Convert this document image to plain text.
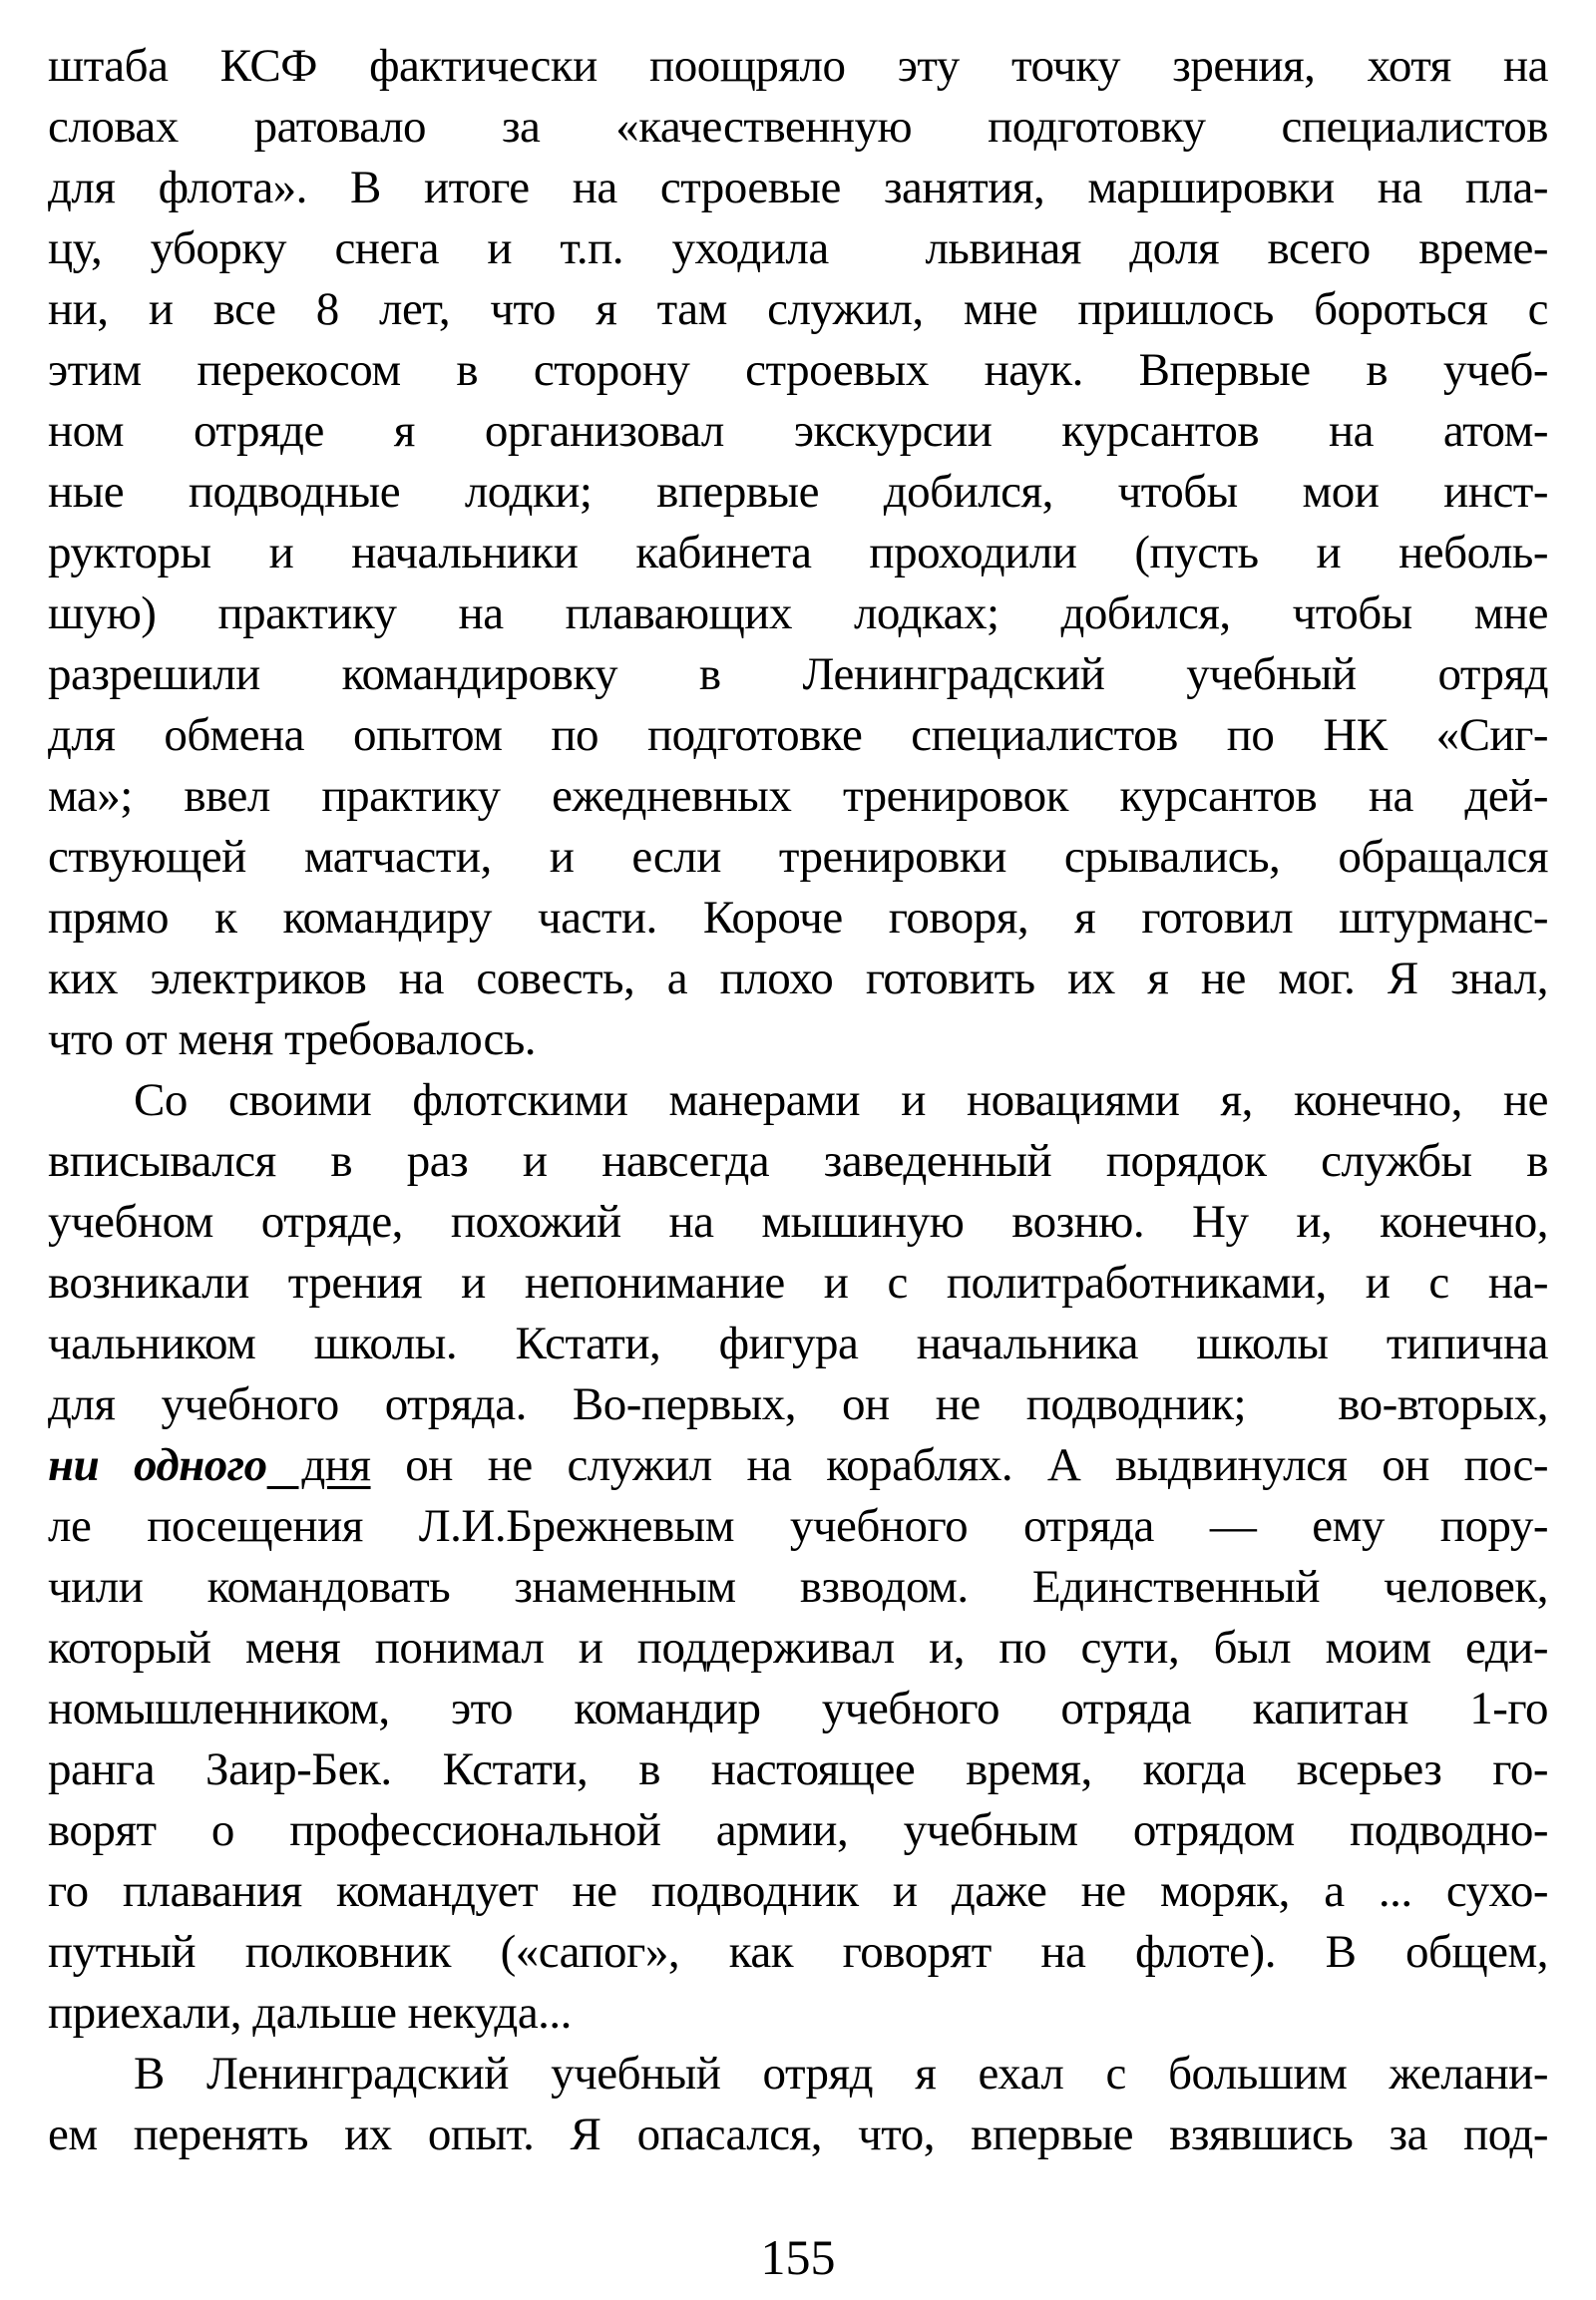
штаба КСФ фактически поощряло эту точку зрения, хотя на
словах ратовало за «качественную подготовку специалистов
для флота». В итоге на строевые занятия, маршировки на пла-
цу, уборку снега и т.п. уходила  львиная доля всего време-
ни, и все 8 лет, что я там служил, мне пришлось бороться с
этим перекосом в сторону строевых наук. Впервые в учеб-
ном отряде я организовал экскурсии курсантов на атом-
ные подводные лодки; впервые добился, чтобы мои инст-
рукторы и начальники кабинета проходили (пусть и неболь-
шую) практику на плавающих лодках; добился, чтобы мне
разрешили командировку в Ленинградский учебный отряд
для обмена опытом по подготовке специалистов по НК «Сиг-
ма»; ввел практику ежедневных тренировок курсантов на дей-
ствующей матчасти, и если тренировки срывались, обращался
прямо к командиру части. Короче говоря, я готовил штурманс-
ких электриков на совесть, а плохо готовить их я не мог. Я знал,
что от меня требовалось.
Со своими флотскими манерами и новациями я, конечно, не
вписывался в раз и навсегда заведенный порядок службы в
учебном отряде, похожий на мышиную возню. Ну и, конечно,
возникали трения и непонимание и с политработниками, и с на-
чальником школы. Кстати, фигура начальника школы типична
для учебного отряда. Во-первых, он не подводник;  во-вторых,
ни одного дня он не служил на кораблях. А выдвинулся он пос-
ле посещения Л.И.Брежневым учебного отряда — ему пору-
чили командовать знаменным взводом. Единственный человек,
который меня понимал и поддерживал и, по сути, был моим еди-
номышленником, это командир учебного отряда капитан 1-го
ранга Заир-Бек. Кстати, в настоящее время, когда всерьез го-
ворят о профессиональной армии, учебным отрядом подводно-
го плавания командует не подводник и даже не моряк, а ... сухо-
путный полковник («сапог», как говорят на флоте). В общем,
приехали, дальше некуда...
В Ленинградский учебный отряд я ехал с большим желани-
ем перенять их опыт. Я опасался, что, впервые взявшись за под-
155
